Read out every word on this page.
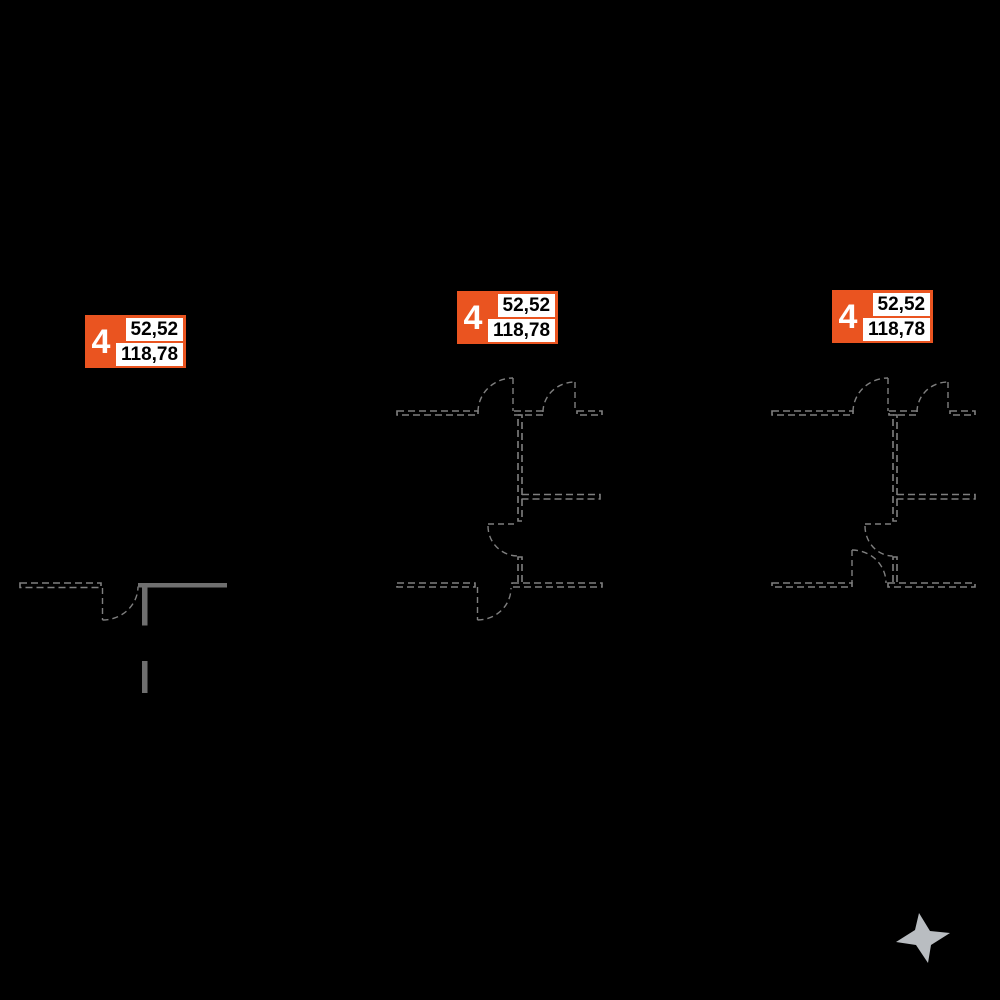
4 52,52
118,78
4 52,52
118,78	4 52,52
118,78
